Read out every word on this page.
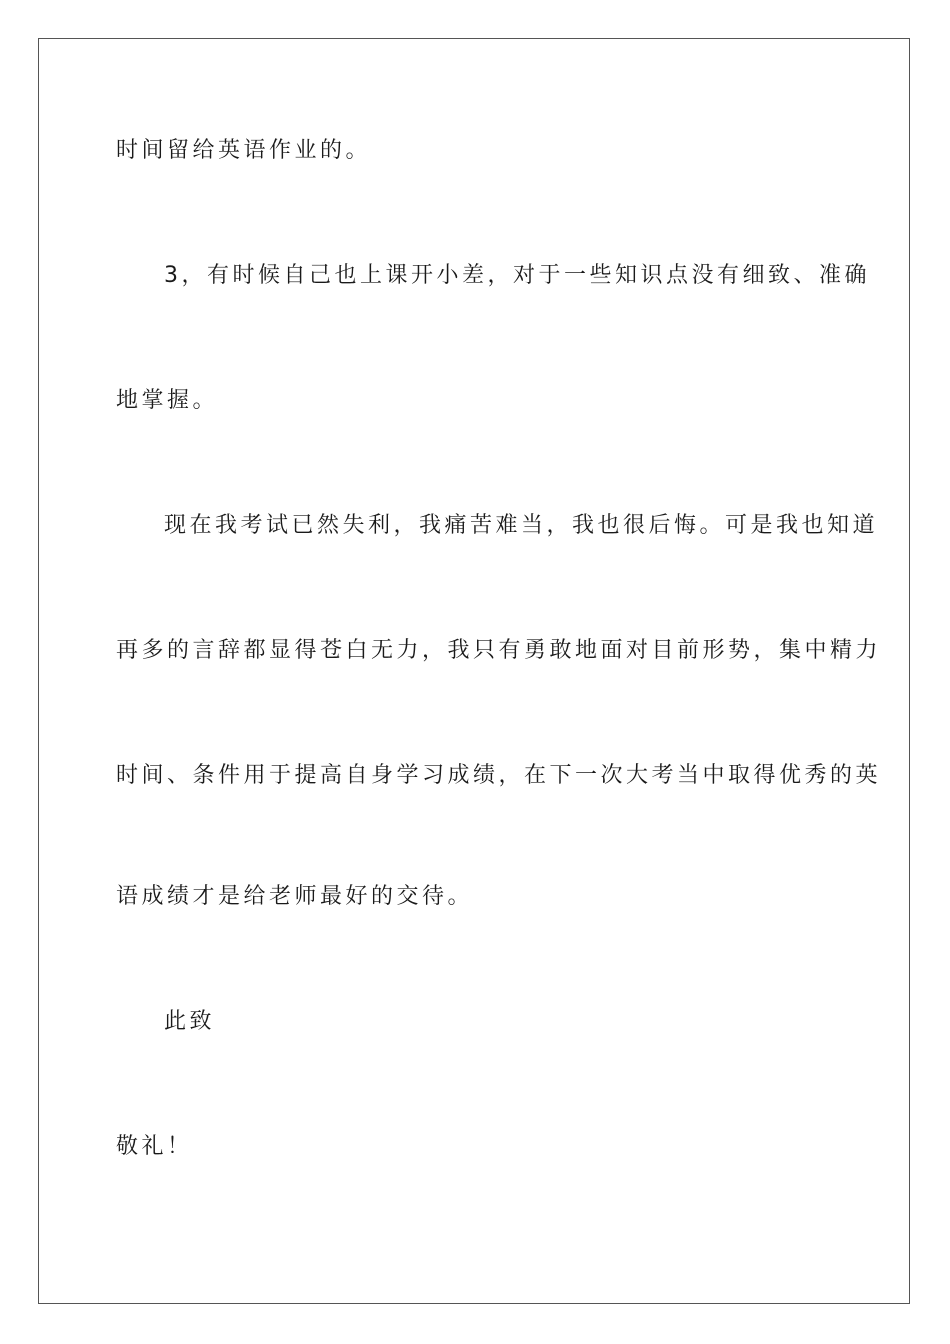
时间留给英语作业的。
3，有时候自己也上课开小差，对于一些知识点没有细致、准确
地掌握。
现在我考试已然失利，我痛苦难当，我也很后悔。可是我也知道
再多的言辞都显得苍白无力，我只有勇敢地面对目前形势，集中精力
时间、条件用于提高自身学习成绩，在下一次大考当中取得优秀的英
语成绩才是给老师最好的交待。
此致
敬礼！
